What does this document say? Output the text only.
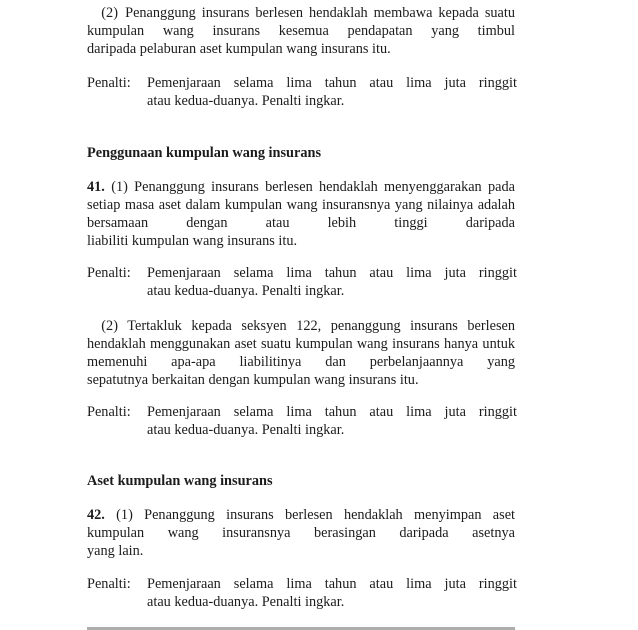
 (2) Penanggung insurans berlesen hendaklah membawa kepada suatu kumpulan wang insurans kesemua pendapatan yang timbul
daripada pelaburan aset kumpulan wang insurans itu.

Penalti: Pemenjaraan selama lima tahun atau lima juta ringgit
atau kedua-duanya. Penalti ingkar.
Penggunaan kumpulan wang insurans

41. (1) Penanggung insurans berlesen hendaklah menyenggarakan pada setiap masa aset dalam kumpulan wang insuransnya yang nilainya adalah bersamaan dengan atau lebih tinggi daripada
liabiliti kumpulan wang insurans itu.

Penalti: Pemenjaraan selama lima tahun atau lima juta ringgit
atau kedua-duanya. Penalti ingkar.

 (2) Tertakluk kepada seksyen 122, penanggung insurans berlesen hendaklah menggunakan aset suatu kumpulan wang insurans hanya untuk memenuhi apa-apa liabilitinya dan perbelanjaannya yang
sepatutnya berkaitan dengan kumpulan wang insurans itu.

Penalti: Pemenjaraan selama lima tahun atau lima juta ringgit
atau kedua-duanya. Penalti ingkar.
Aset kumpulan wang insurans

42. (1) Penanggung insurans berlesen hendaklah menyimpan aset kumpulan wang insuransnya berasingan daripada asetnya
yang lain.

Penalti: Pemenjaraan selama lima tahun atau lima juta ringgit
atau kedua-duanya. Penalti ingkar.
